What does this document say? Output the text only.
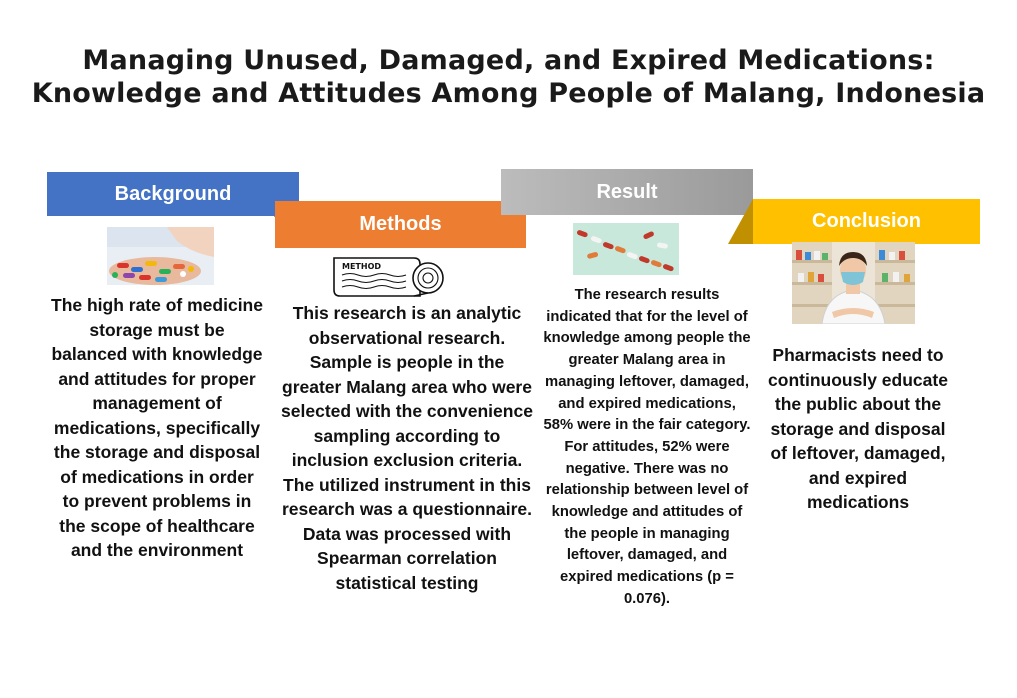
Managing Unused, Damaged, and Expired Medications:
Knowledge and Attitudes Among People of Malang, Indonesia
Background
The high rate of medicine storage must be balanced with knowledge and attitudes for proper management of medications, specifically the storage and disposal of medications in order to prevent problems in the scope of healthcare and the environment
Methods
METHOD
This research is an analytic observational research. Sample is people in the greater Malang area who were selected with the convenience sampling according to inclusion exclusion criteria. The utilized instrument in this research was a questionnaire. Data was processed with Spearman correlation statistical testing
Result
The research results indicated that for the level of knowledge among people the greater Malang area in managing leftover, damaged, and expired medications, 58% were in the fair category. For attitudes, 52% were negative. There was no relationship between level of knowledge and attitudes of the people in managing leftover, damaged, and expired medications (p = 0.076).
Conclusion
Pharmacists need to continuously educate the public about the storage and disposal of leftover, damaged, and expired medications
